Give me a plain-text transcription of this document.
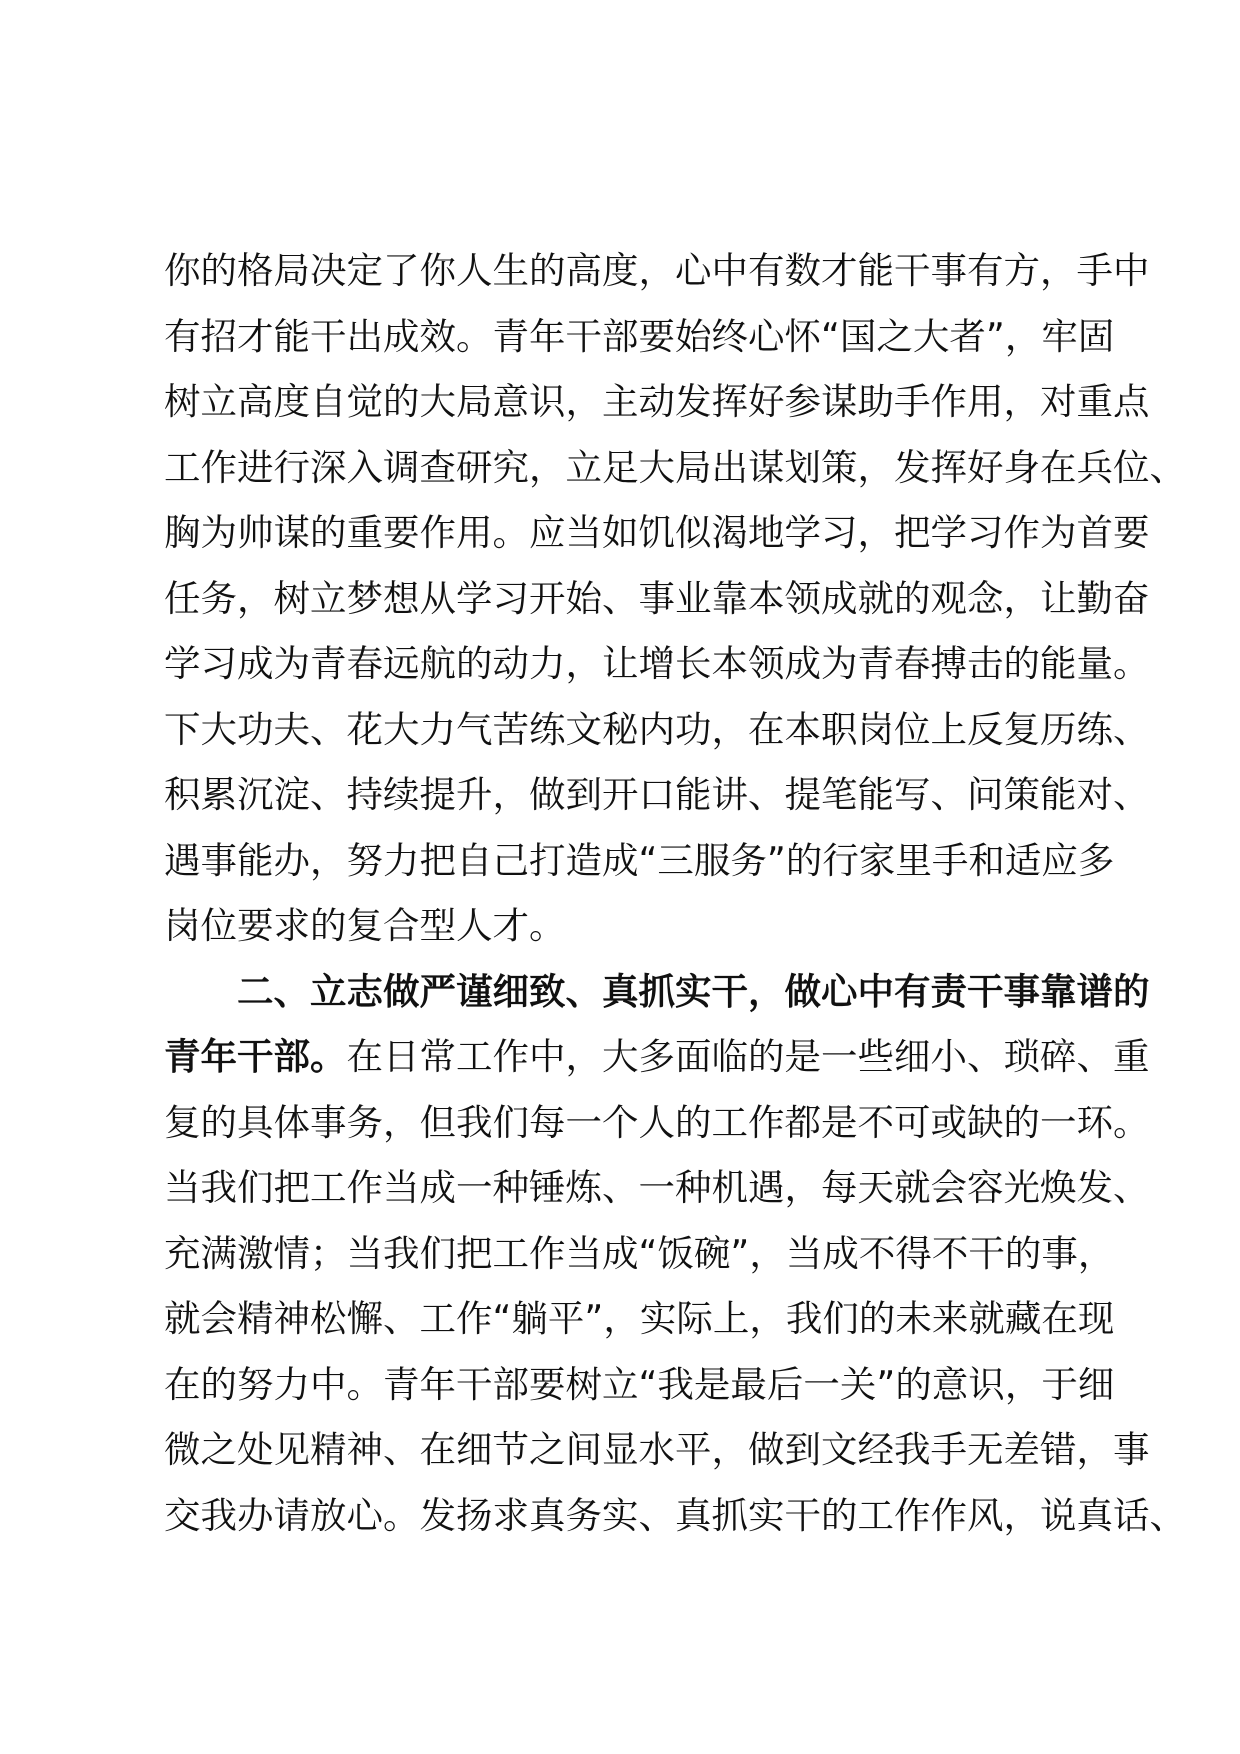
你的格局决定了你人生的高度，心中有数才能干事有方，手中
有招才能干出成效。青年干部要始终心怀“国之大者”，牢固
树立高度自觉的大局意识，主动发挥好参谋助手作用，对重点
工作进行深入调查研究，立足大局出谋划策，发挥好身在兵位、
胸为帅谋的重要作用。应当如饥似渴地学习，把学习作为首要
任务，树立梦想从学习开始、事业靠本领成就的观念，让勤奋
学习成为青春远航的动力，让增长本领成为青春搏击的能量。
下大功夫、花大力气苦练文秘内功，在本职岗位上反复历练、
积累沉淀、持续提升，做到开口能讲、提笔能写、问策能对、
遇事能办，努力把自己打造成“三服务”的行家里手和适应多
岗位要求的复合型人才。
二、立志做严谨细致、真抓实干，做心中有责干事靠谱的
青年干部。在日常工作中，大多面临的是一些细小、琐碎、重
复的具体事务，但我们每一个人的工作都是不可或缺的一环。
当我们把工作当成一种锤炼、一种机遇，每天就会容光焕发、
充满激情；当我们把工作当成“饭碗”，当成不得不干的事，
就会精神松懈、工作“躺平”，实际上，我们的未来就藏在现
在的努力中。青年干部要树立“我是最后一关”的意识，于细
微之处见精神、在细节之间显水平，做到文经我手无差错，事
交我办请放心。发扬求真务实、真抓实干的工作作风，说真话、
